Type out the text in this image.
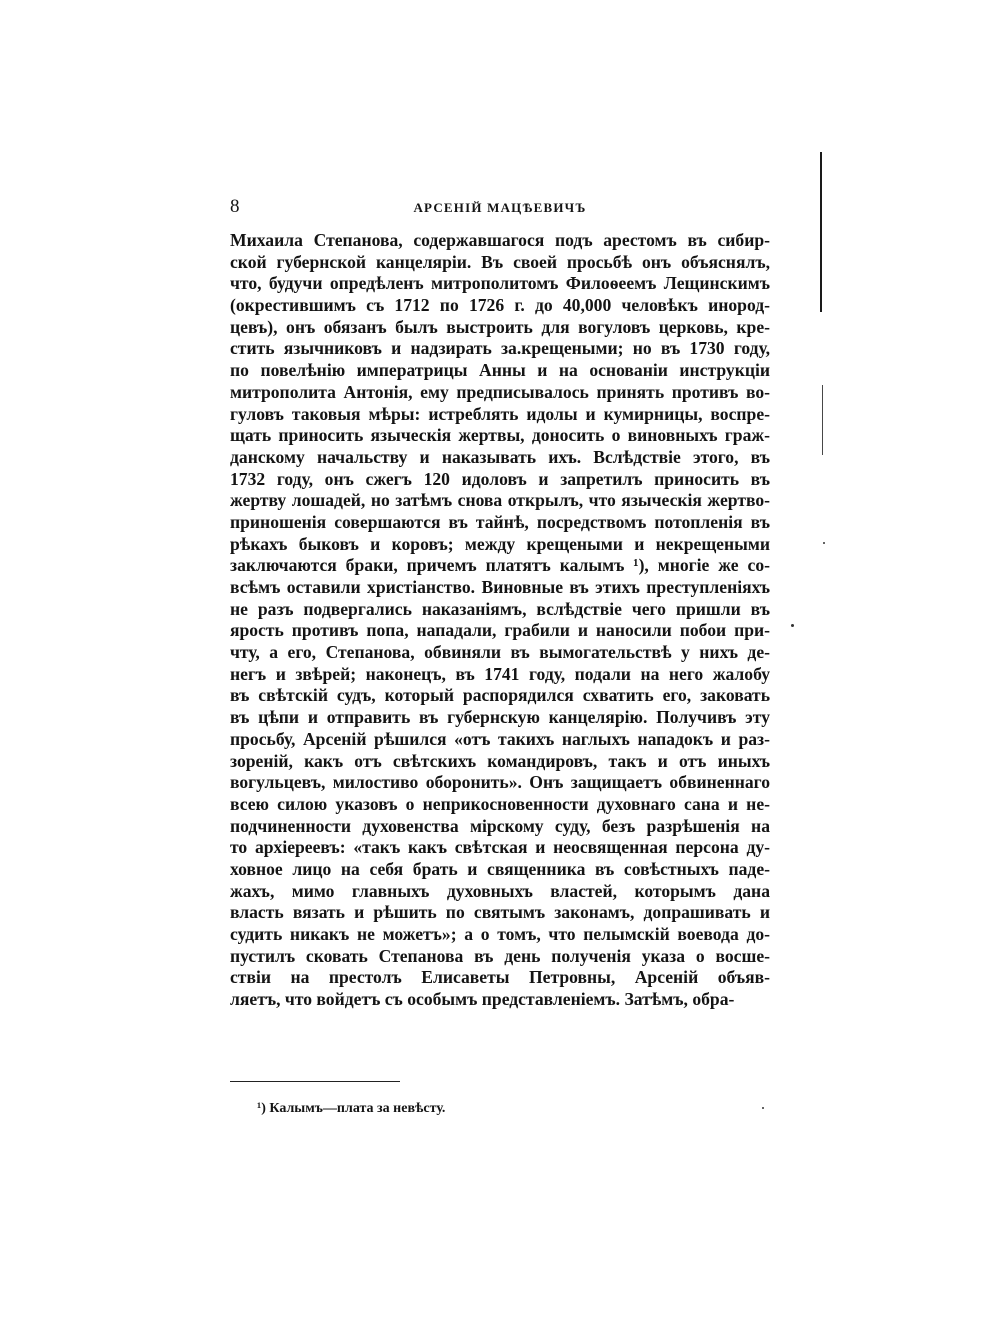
8	АРСЕНІЙ МАЦѢЕВИЧЪ
Михаила Степанова, содержавшагося подъ арестомъ въ сибир-
ской губернской канцеляріи. Въ своей просьбѣ онъ объяснялъ,
что, будучи опредѣленъ митрополитомъ Филоѳеемъ Лещинскимъ
(окрестившимъ съ 1712 по 1726 г. до 40,000 человѣкъ инород-
цевъ), онъ обязанъ былъ выстроить для вогуловъ церковь, кре-
стить язычниковъ и надзирать за.крещеными; но въ 1730 году,
по повелѣнію императрицы Анны и на основаніи инструкціи
митрополита Антонія, ему предписывалось принять противъ во-
гуловъ таковыя мѣры: истреблять идолы и кумирницы, воспре-
щать приносить языческія жертвы, доносить о виновныхъ граж-
данскому начальству и наказывать ихъ. Вслѣдствіе этого, въ
1732 году, онъ сжегъ 120 идоловъ и запретилъ приносить въ
жертву лошадей, но затѣмъ снова открылъ, что языческія жертво-
приношенія совершаются въ тайнѣ, посредствомъ потопленія въ
рѣкахъ быковъ и коровъ; между крещеными и некрещеными
заключаются браки, причемъ платятъ калымъ ¹), многіе же со-
всѣмъ оставили христіанство. Виновные въ этихъ преступленіяхъ
не разъ подвергались наказаніямъ, вслѣдствіе чего пришли въ
ярость противъ попа, нападали, грабили и наносили побои при-
чту, а его, Степанова, обвиняли въ вымогательствѣ у нихъ де-
негъ и звѣрей; наконецъ, въ 1741 году, подали на него жалобу
въ свѣтскій судъ, который распорядился схватить его, заковать
въ цѣпи и отправить въ губернскую канцелярію. Получивъ эту
просьбу, Арсеній рѣшился «отъ такихъ наглыхъ нападокъ и раз-
зореній, какъ отъ свѣтскихъ командировъ, такъ и отъ иныхъ
вогульцевъ, милостиво оборонить». Онъ защищаетъ обвиненнаго
всею силою указовъ о неприкосновенности духовнаго сана и не-
подчиненности духовенства мірскому суду, безъ разрѣшенія на
то архіереевъ: «такъ какъ свѣтская и неосвященная персона ду-
ховное лицо на себя брать и священника въ совѣстныхъ паде-
жахъ, мимо главныхъ духовныхъ властей, которымъ дана
власть вязать и рѣшить по святымъ законамъ, допрашивать и
судить никакъ не можетъ»; а о томъ, что пелымскій воевода до-
пустилъ сковать Степанова въ день полученія указа о восше-
ствіи на престолъ Елисаветы Петровны, Арсеній объяв-
ляетъ, что войдетъ съ особымъ представленіемъ. Затѣмъ, обра-
¹) Калымъ—плата за невѣсту.
